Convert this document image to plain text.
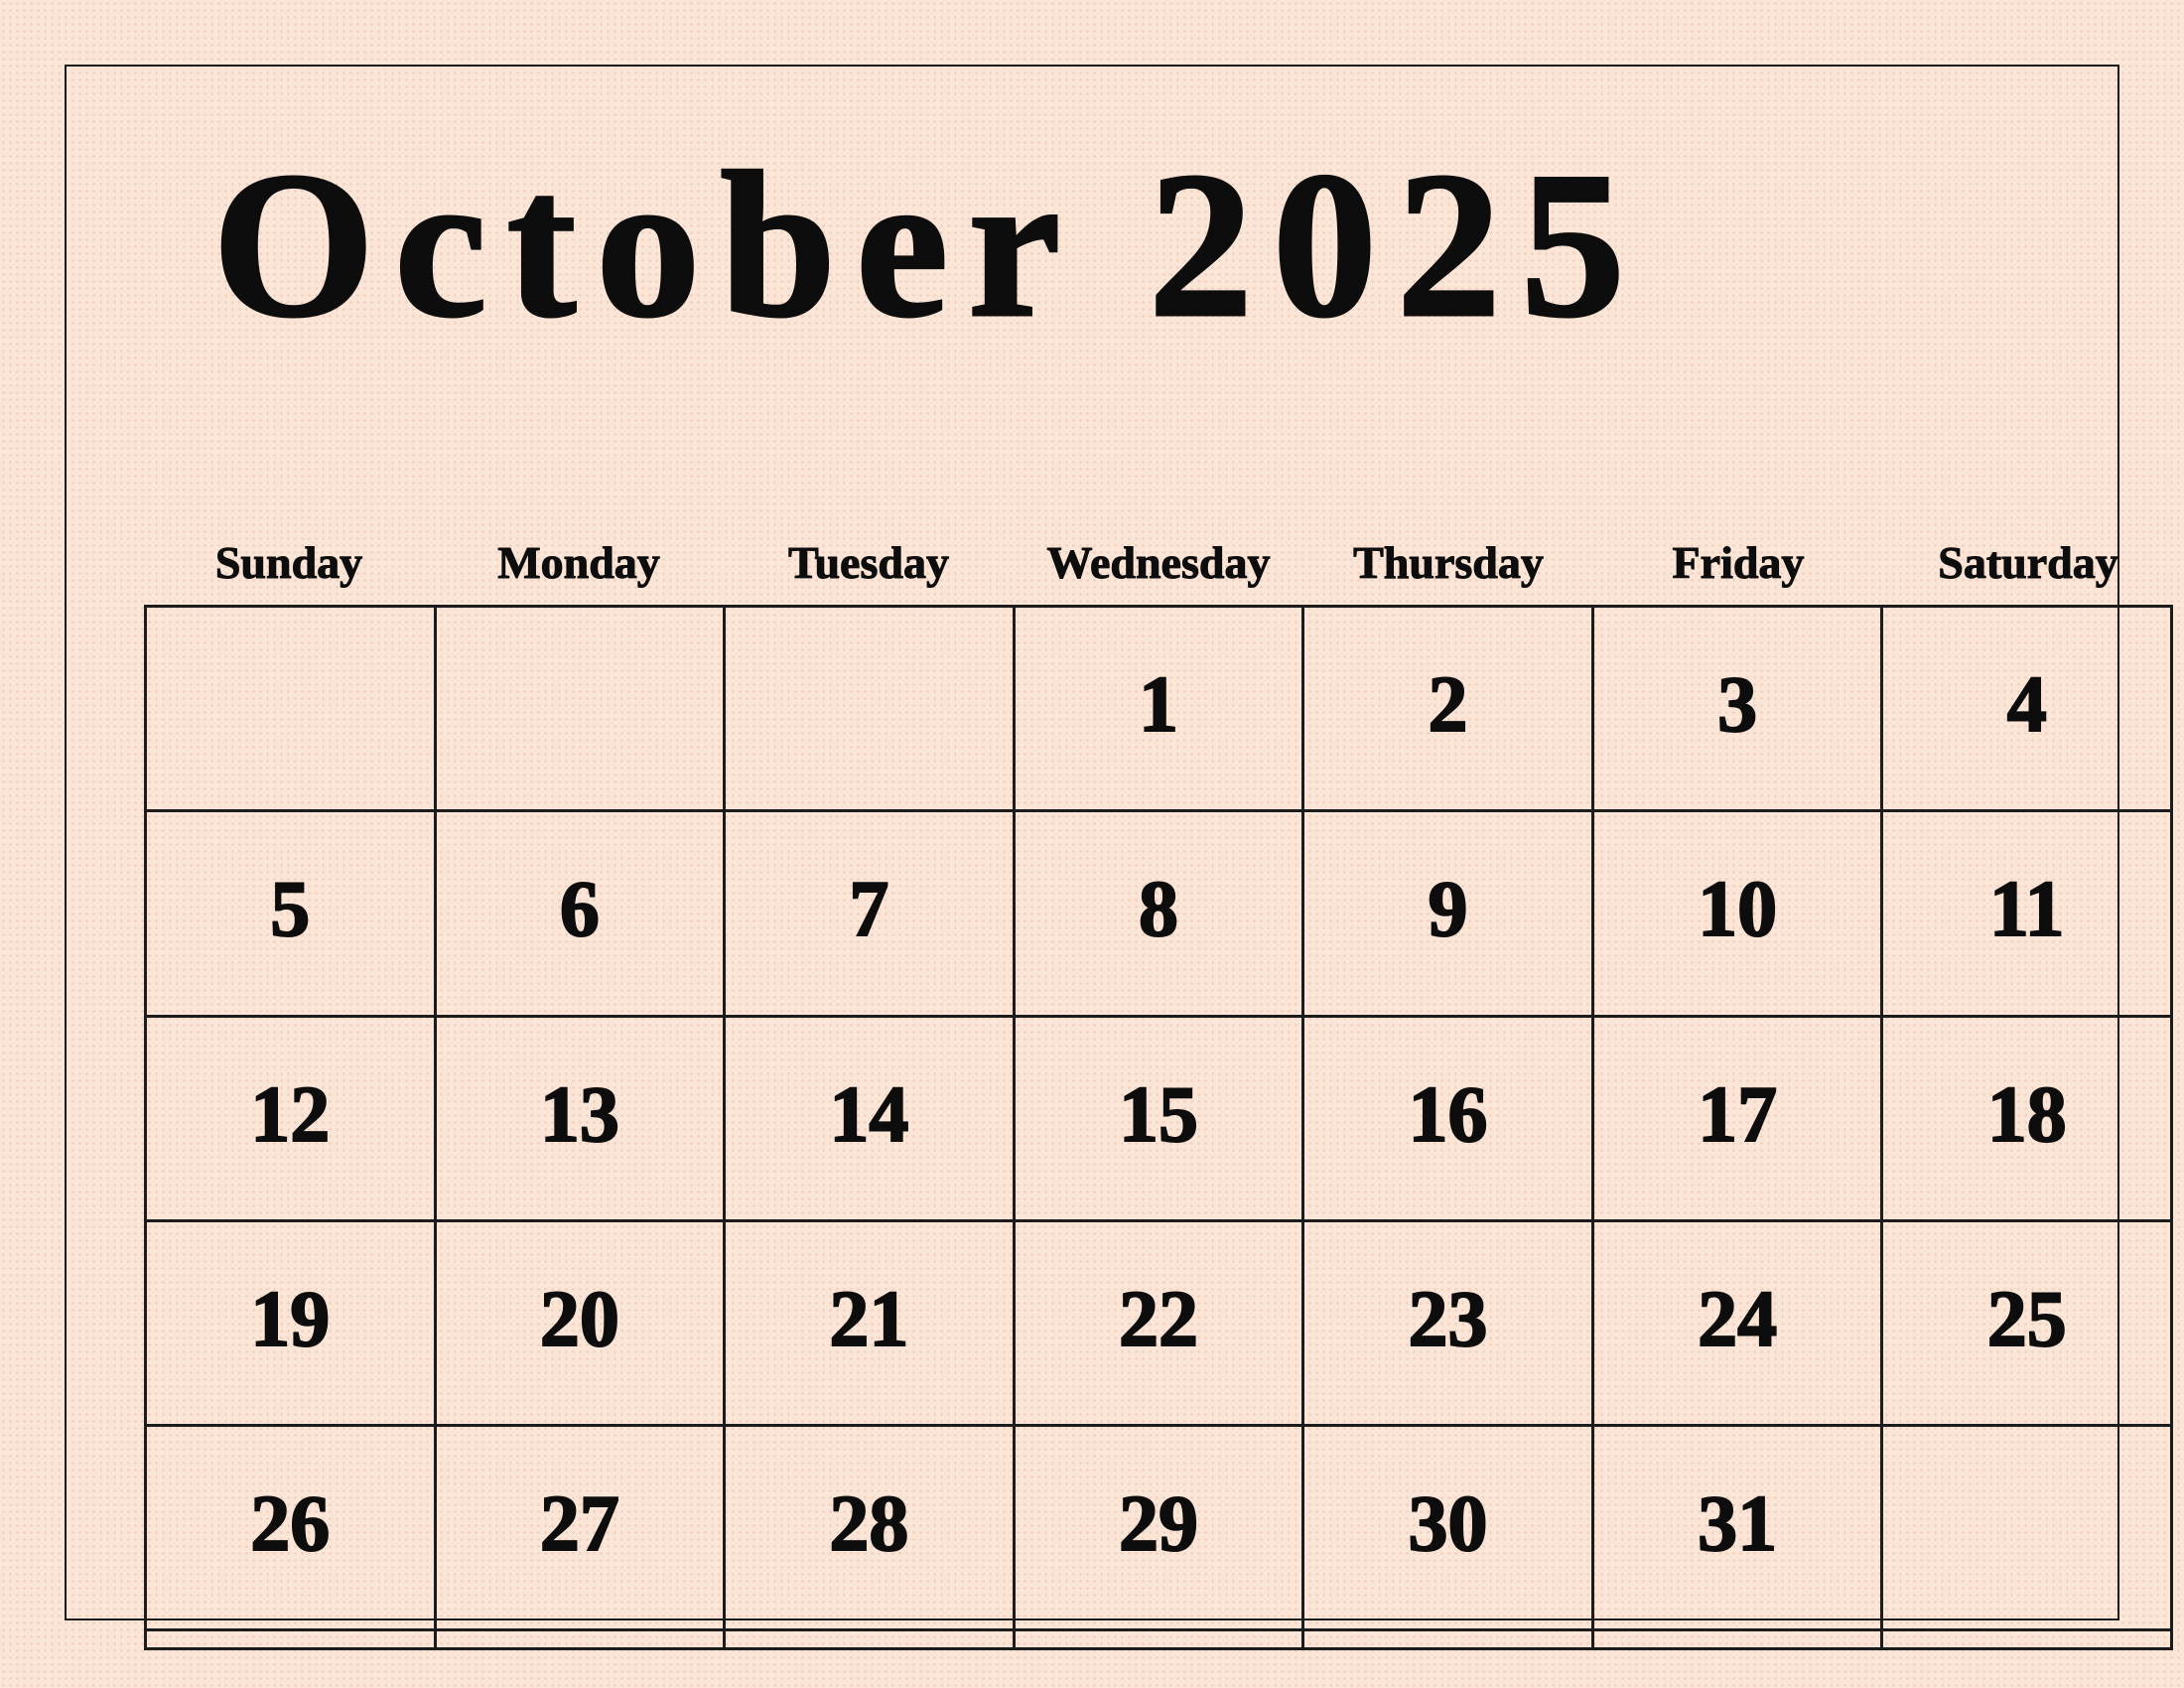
October 2025
Sunday	Monday	Tuesday	Wednesday	Thursday	Friday	Saturday
			1	2	3	4
5	6	7	8	9	10	11
12	13	14	15	16	17	18
19	20	21	22	23	24	25
26	27	28	29	30	31	
